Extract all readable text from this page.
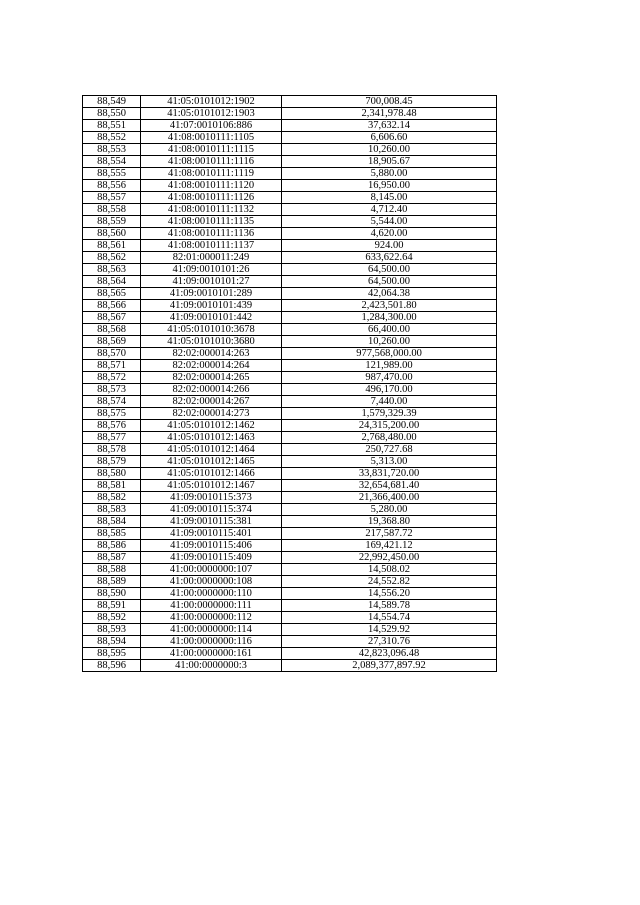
88,549	41:05:0101012:1902	700,008.45
88,550	41:05:0101012:1903	2,341,978.48
88,551	41:07:0010106:886	37,632.14
88,552	41:08:0010111:1105	6,606.60
88,553	41:08:0010111:1115	10,260.00
88,554	41:08:0010111:1116	18,905.67
88,555	41:08:0010111:1119	5,880.00
88,556	41:08:0010111:1120	16,950.00
88,557	41:08:0010111:1126	8,145.00
88,558	41:08:0010111:1132	4,712.40
88,559	41:08:0010111:1135	5,544.00
88,560	41:08:0010111:1136	4,620.00
88,561	41:08:0010111:1137	924.00
88,562	82:01:000011:249	633,622.64
88,563	41:09:0010101:26	64,500.00
88,564	41:09:0010101:27	64,500.00
88,565	41:09:0010101:289	42,064.38
88,566	41:09:0010101:439	2,423,501.80
88,567	41:09:0010101:442	1,284,300.00
88,568	41:05:0101010:3678	66,400.00
88,569	41:05:0101010:3680	10,260.00
88,570	82:02:000014:263	977,568,000.00
88,571	82:02:000014:264	121,989.00
88,572	82:02:000014:265	987,470.00
88,573	82:02:000014:266	496,170.00
88,574	82:02:000014:267	7,440.00
88,575	82:02:000014:273	1,579,329.39
88,576	41:05:0101012:1462	24,315,200.00
88,577	41:05:0101012:1463	2,768,480.00
88,578	41:05:0101012:1464	250,727.68
88,579	41:05:0101012:1465	5,313.00
88,580	41:05:0101012:1466	33,831,720.00
88,581	41:05:0101012:1467	32,654,681.40
88,582	41:09:0010115:373	21,366,400.00
88,583	41:09:0010115:374	5,280.00
88,584	41:09:0010115:381	19,368.80
88,585	41:09:0010115:401	217,587.72
88,586	41:09:0010115:406	169,421.12
88,587	41:09:0010115:409	22,992,450.00
88,588	41:00:0000000:107	14,508.02
88,589	41:00:0000000:108	24,552.82
88,590	41:00:0000000:110	14,556.20
88,591	41:00:0000000:111	14,589.78
88,592	41:00:0000000:112	14,554.74
88,593	41:00:0000000:114	14,529.92
88,594	41:00:0000000:116	27,310.76
88,595	41:00:0000000:161	42,823,096.48
88,596	41:00:0000000:3	2,089,377,897.92
